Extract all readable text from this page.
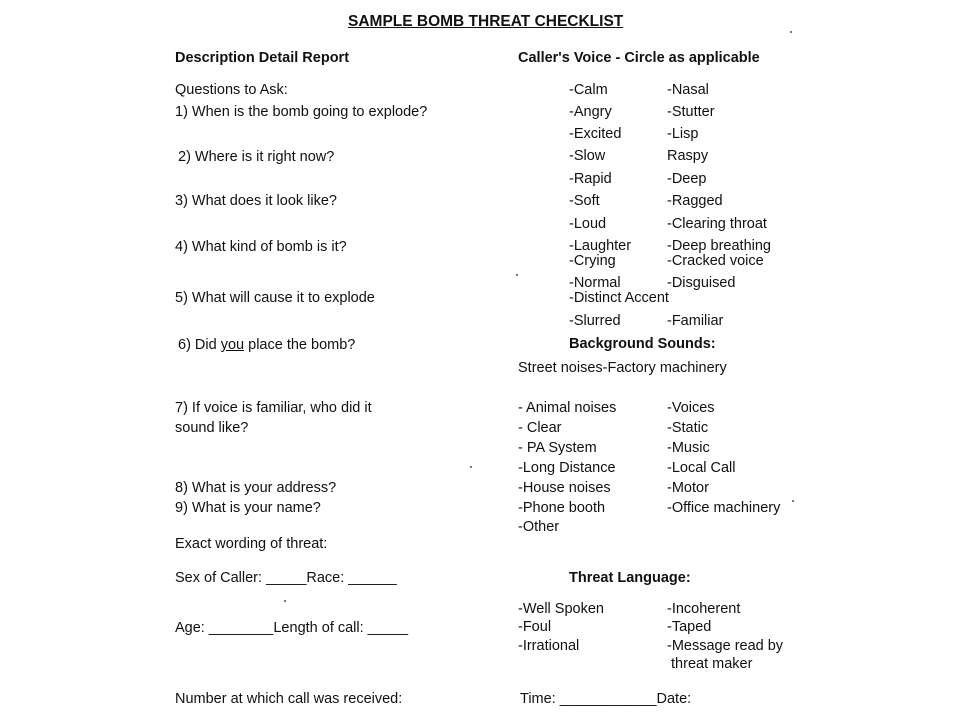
SAMPLE BOMB THREAT CHECKLIST
Description Detail Report
Questions to Ask:
1) When is the bomb going to explode?
2) Where is it right now?
3) What does it look like?
4) What kind of bomb is it?
5) What will cause it to explode
6) Did you place the bomb?
7) If voice is familiar, who did it
sound like?
8) What is your address?
9) What is your name?
Exact wording of threat:
Sex of Caller: _____Race: ______
Age: ________Length of call: _____
Number at which call was received:
Caller's Voice - Circle as applicable
-Calm
-Angry
-Excited
-Slow
-Rapid
-Soft
-Loud
-Laughter
-Crying
-Normal
-Distinct Accent
-Slurred
-Nasal
-Stutter
-Lisp
Raspy
-Deep
-Ragged
-Clearing throat
-Deep breathing
-Cracked voice
-Disguised
-Familiar
Background Sounds:
Street noises-Factory machinery
- Animal noises
- Clear
- PA System
-Long Distance
-House noises
-Phone booth
-Other
-Voices
-Static
-Music
-Local Call
-Motor
-Office machinery
Threat Language:
-Well Spoken
-Foul
-Irrational
-Incoherent
-Taped
-Message read by
threat maker
Time: ____________Date:
